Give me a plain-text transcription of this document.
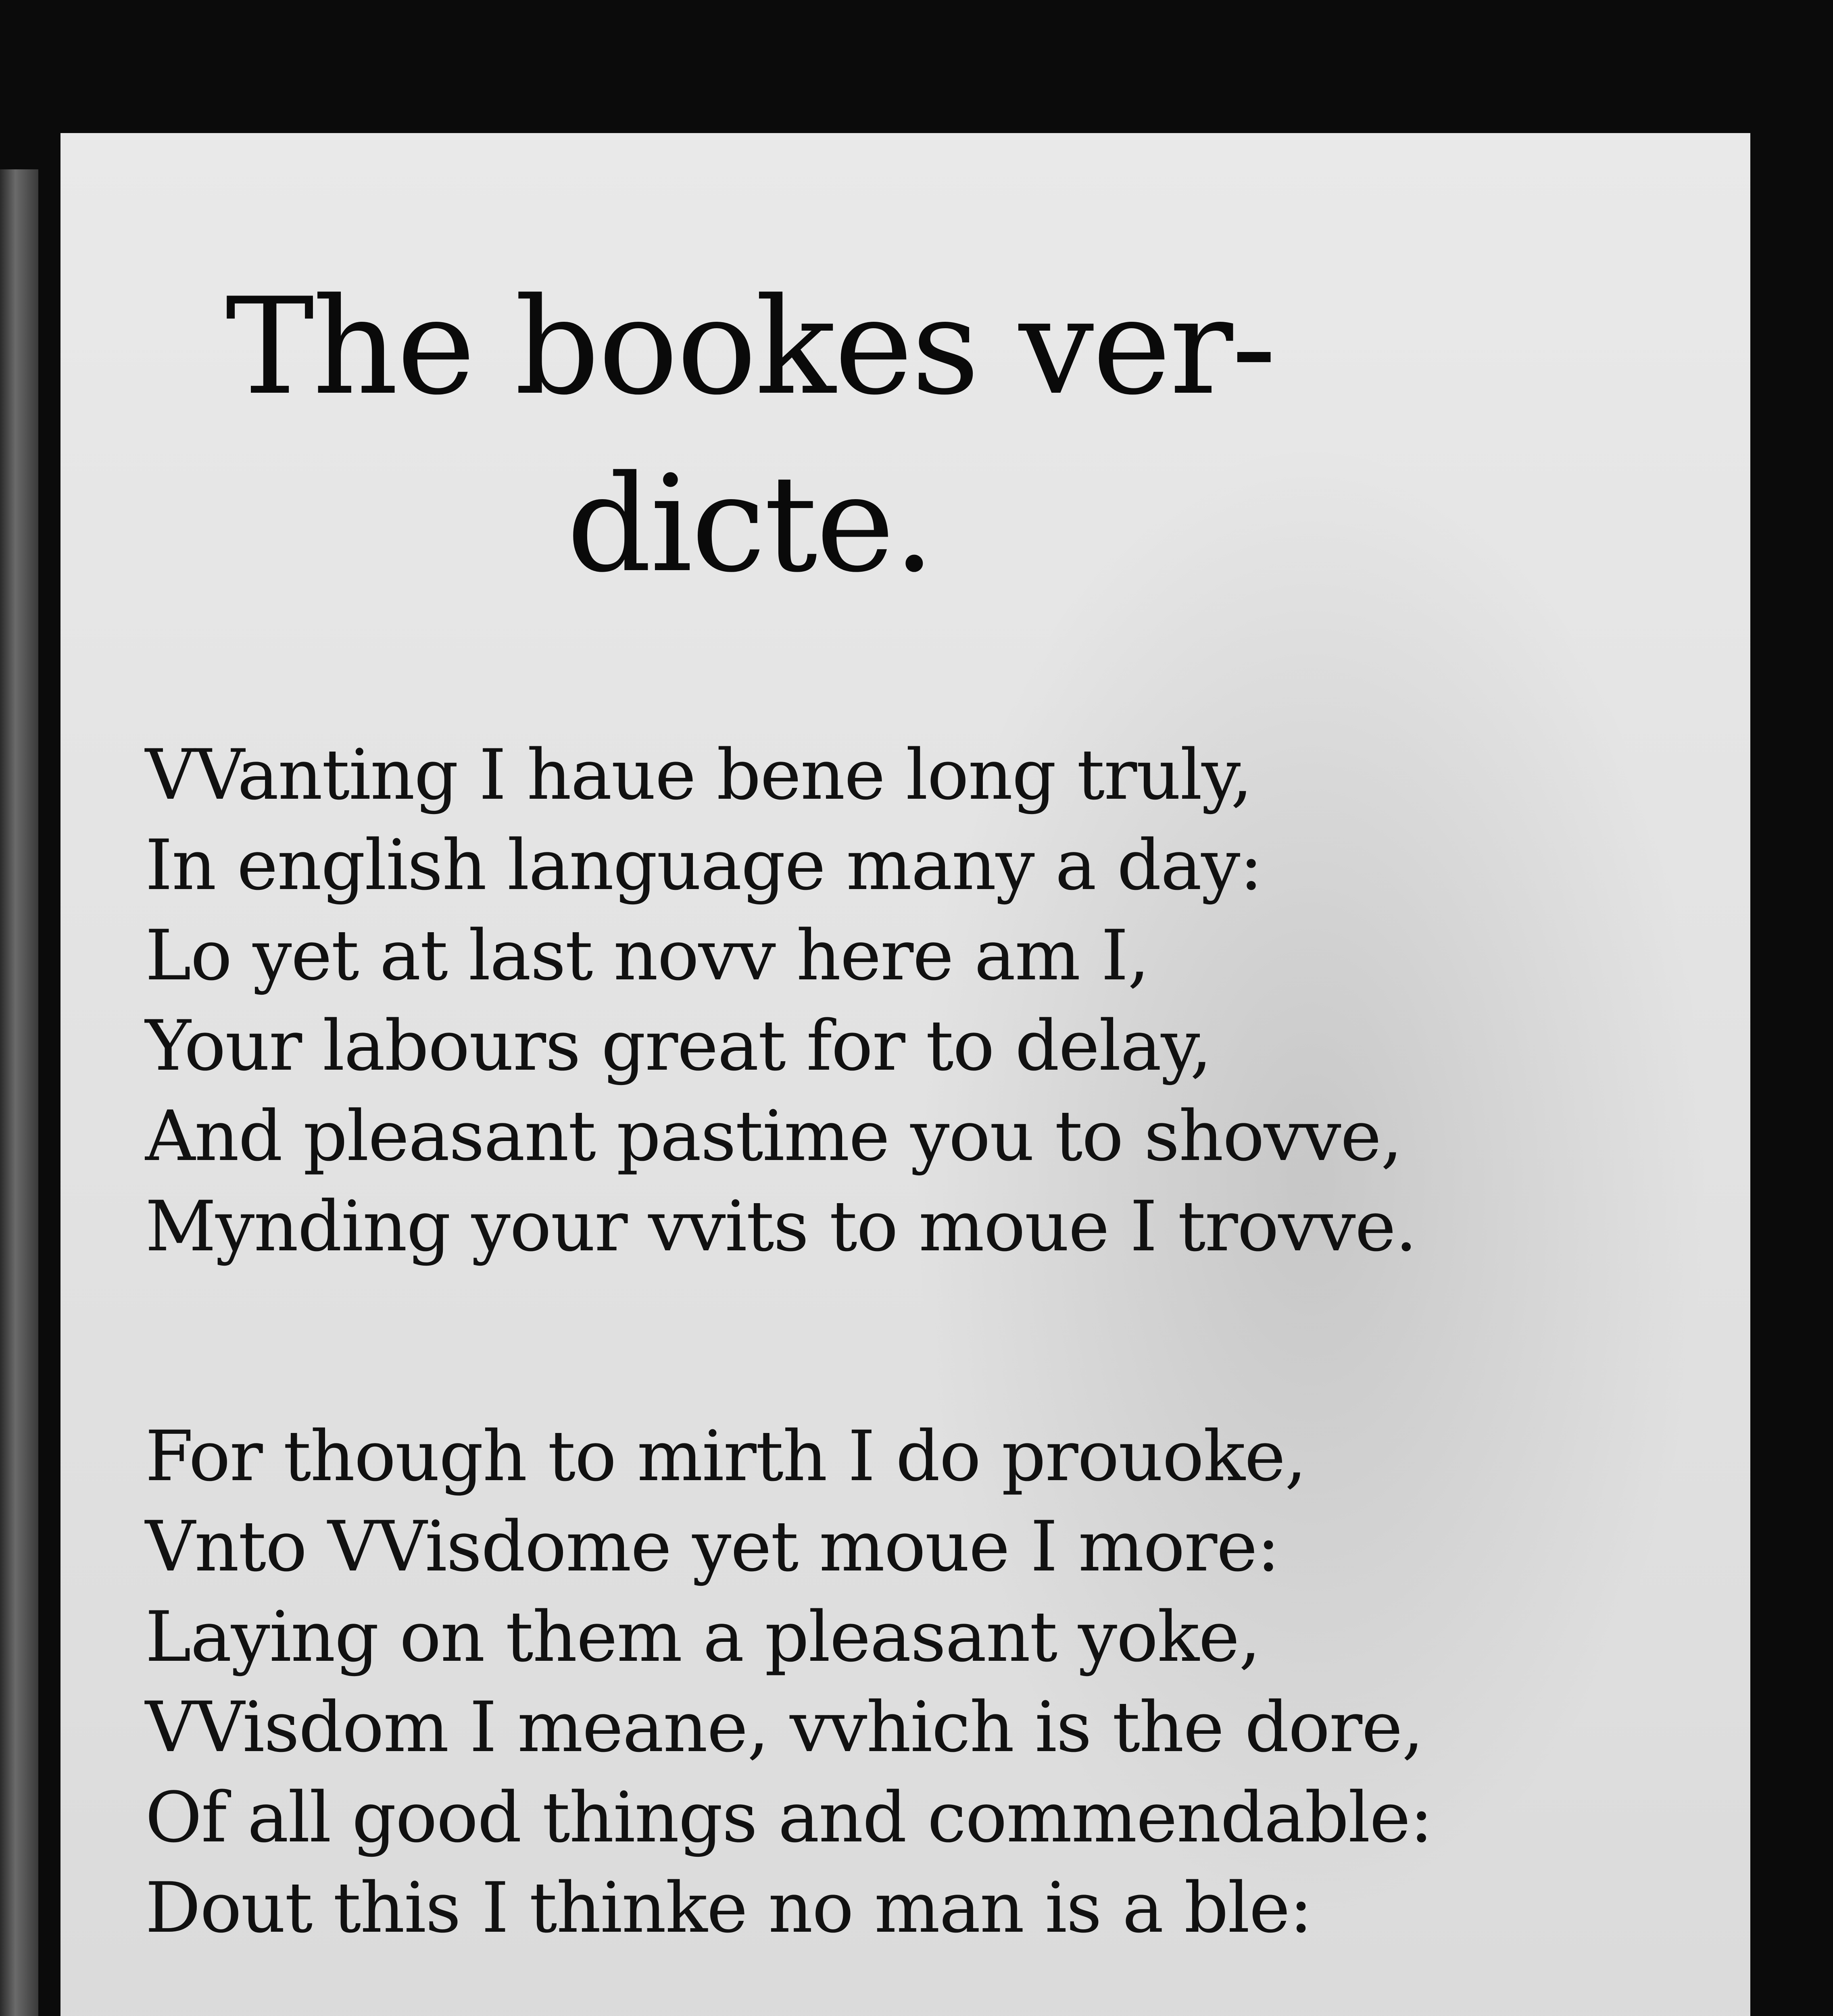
The bookes ver-
dicte.
VVanting I haue bene long truly,
In english language many a day:
Lo yet at last novv here am I,
Your labours great for to delay,
And pleasant pastime you to shovve,
Mynding your vvits to moue I trovve.
For though to mirth I do prouoke,
Vnto VVisdome yet moue I more:
Laying on them a pleasant yoke,
VVisdom I meane, vvhich is the dore,
Of all good things and commendable:
Dout this I thinke no man is a ble:
